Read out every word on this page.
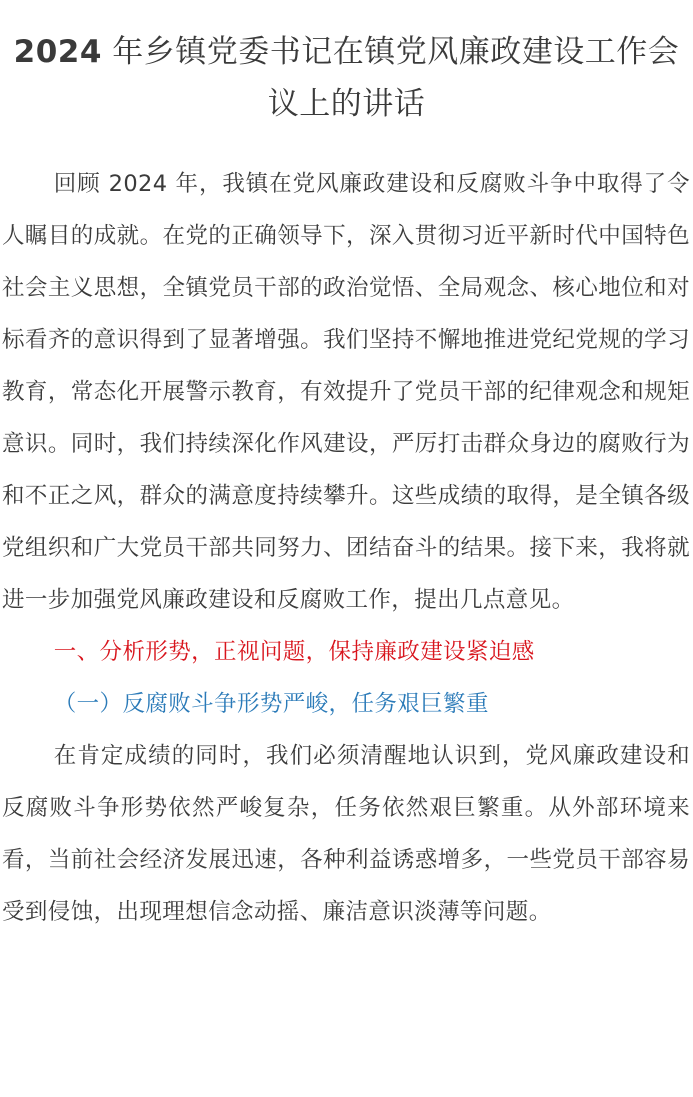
2024 年乡镇党委书记在镇党风廉政建设工作会议上的讲话

回顾 2024 年，我镇在党风廉政建设和反腐败斗争中取得了令人瞩目的成就。在党的正确领导下，深入贯彻习近平新时代中国特色社会主义思想，全镇党员干部的政治觉悟、全局观念、核心地位和对标看齐的意识得到了显著增强。我们坚持不懈地推进党纪党规的学习教育，常态化开展警示教育，有效提升了党员干部的纪律观念和规矩意识。同时，我们持续深化作风建设，严厉打击群众身边的腐败行为和不正之风，群众的满意度持续攀升。这些成绩的取得，是全镇各级党组织和广大党员干部共同努力、团结奋斗的结果。接下来，我将就进一步加强党风廉政建设和反腐败工作，提出几点意见。

一、分析形势，正视问题，保持廉政建设紧迫感

（一）反腐败斗争形势严峻，任务艰巨繁重

在肯定成绩的同时，我们必须清醒地认识到，党风廉政建设和反腐败斗争形势依然严峻复杂，任务依然艰巨繁重。从外部环境来看，当前社会经济发展迅速，各种利益诱惑增多，一些党员干部容易受到侵蚀，出现理想信念动摇、廉洁意识淡薄等问题。
